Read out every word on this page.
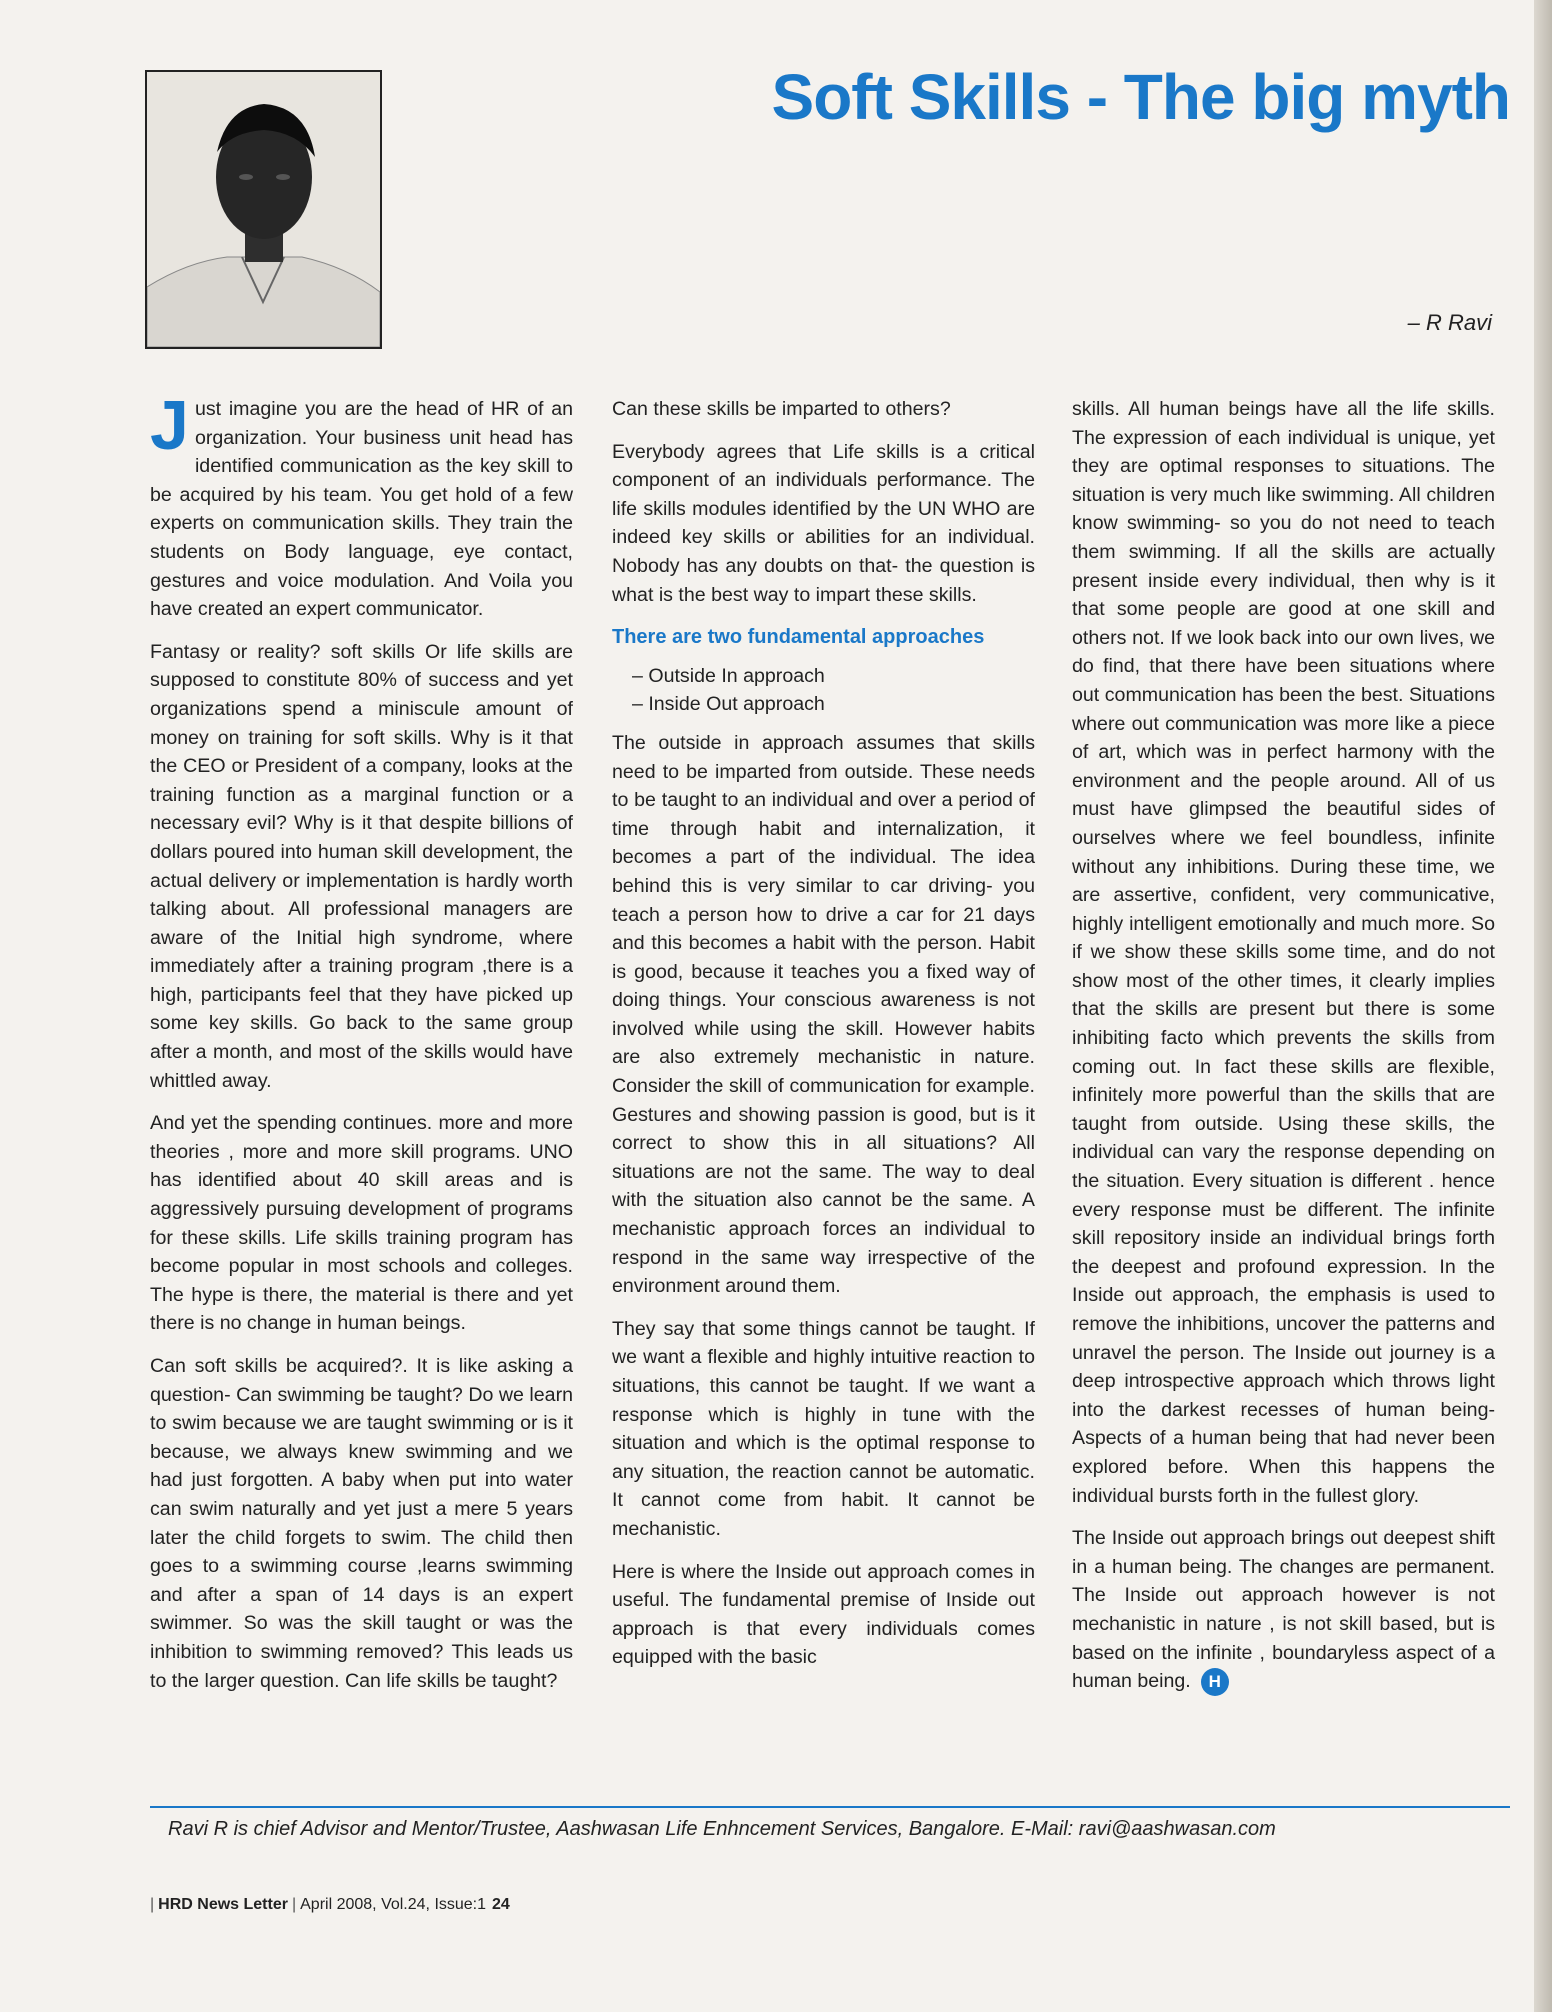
Soft Skills - The big myth
– R Ravi

Just imagine you are the head of HR of an organization. Your business unit head has identified communication as the key skill to be acquired by his team. You get hold of a few experts on communication skills. They train the students on Body language, eye contact, gestures and voice modulation. And Voila you have created an expert communicator.

Fantasy or reality? soft skills Or life skills are supposed to constitute 80% of success and yet organizations spend a miniscule amount of money on training for soft skills. Why is it that the CEO or President of a company, looks at the training function as a marginal function or a necessary evil? Why is it that despite billions of dollars poured into human skill development, the actual delivery or implementation is hardly worth talking about. All professional managers are aware of the Initial high syndrome, where immediately after a training program ,there is a high, participants feel that they have picked up some key skills. Go back to the same group after a month, and most of the skills would have whittled away.

And yet the spending continues. more and more theories , more and more skill programs. UNO has identified about 40 skill areas and is aggressively pursuing development of programs for these skills. Life skills training program has become popular in most schools and colleges. The hype is there, the material is there and yet there is no change in human beings.

Can soft skills be acquired?. It is like asking a question- Can swimming be taught? Do we learn to swim because we are taught swimming or is it because, we always knew swimming and we had just forgotten. A baby when put into water can swim naturally and yet just a mere 5 years later the child forgets to swim. The child then goes to a swimming course ,learns swimming and after a span of 14 days is an expert swimmer. So was the skill taught or was the inhibition to swimming removed? This leads us to the larger question. Can life skills be taught?

Can these skills be imparted to others?

Everybody agrees that Life skills is a critical component of an individuals performance. The life skills modules identified by the UN WHO are indeed key skills or abilities for an individual. Nobody has any doubts on that- the question is what is the best way to impart these skills.

There are two fundamental approaches
– Outside In approach
– Inside Out approach

The outside in approach assumes that skills need to be imparted from outside. These needs to be taught to an individual and over a period of time through habit and internalization, it becomes a part of the individual. The idea behind this is very similar to car driving- you teach a person how to drive a car for 21 days and this becomes a habit with the person. Habit is good, because it teaches you a fixed way of doing things. Your conscious awareness is not involved while using the skill. However habits are also extremely mechanistic in nature. Consider the skill of communication for example. Gestures and showing passion is good, but is it correct to show this in all situations? All situations are not the same. The way to deal with the situation also cannot be the same. A mechanistic approach forces an individual to respond in the same way irrespective of the environment around them.

They say that some things cannot be taught. If we want a flexible and highly intuitive reaction to situations, this cannot be taught. If we want a response which is highly in tune with the situation and which is the optimal response to any situation, the reaction cannot be automatic. It cannot come from habit. It cannot be mechanistic.

Here is where the Inside out approach comes in useful. The fundamental premise of Inside out approach is that every individuals comes equipped with the basic

skills. All human beings have all the life skills. The expression of each individual is unique, yet they are optimal responses to situations. The situation is very much like swimming. All children know swimming- so you do not need to teach them swimming. If all the skills are actually present inside every individual, then why is it that some people are good at one skill and others not. If we look back into our own lives, we do find, that there have been situations where out communication has been the best. Situations where out communication was more like a piece of art, which was in perfect harmony with the environment and the people around. All of us must have glimpsed the beautiful sides of ourselves where we feel boundless, infinite without any inhibitions. During these time, we are assertive, confident, very communicative, highly intelligent emotionally and much more. So if we show these skills some time, and do not show most of the other times, it clearly implies that the skills are present but there is some inhibiting facto which prevents the skills from coming out. In fact these skills are flexible, infinitely more powerful than the skills that are taught from outside. Using these skills, the individual can vary the response depending on the situation. Every situation is different . hence every response must be different. The infinite skill repository inside an individual brings forth the deepest and profound expression. In the Inside out approach, the emphasis is used to remove the inhibitions, uncover the patterns and unravel the person. The Inside out journey is a deep introspective approach which throws light into the darkest recesses of human being- Aspects of a human being that had never been explored before. When this happens the individual bursts forth in the fullest glory.

The Inside out approach brings out deepest shift in a human being. The changes are permanent. The Inside out approach however is not mechanistic in nature , is not skill based, but is based on the infinite , boundaryless aspect of a human being. H

Ravi R is chief Advisor and Mentor/Trustee, Aashwasan Life Enhncement Services, Bangalore. E-Mail: ravi@aashwasan.com
| HRD News Letter | April 2008, Vol.24, Issue:1 24
